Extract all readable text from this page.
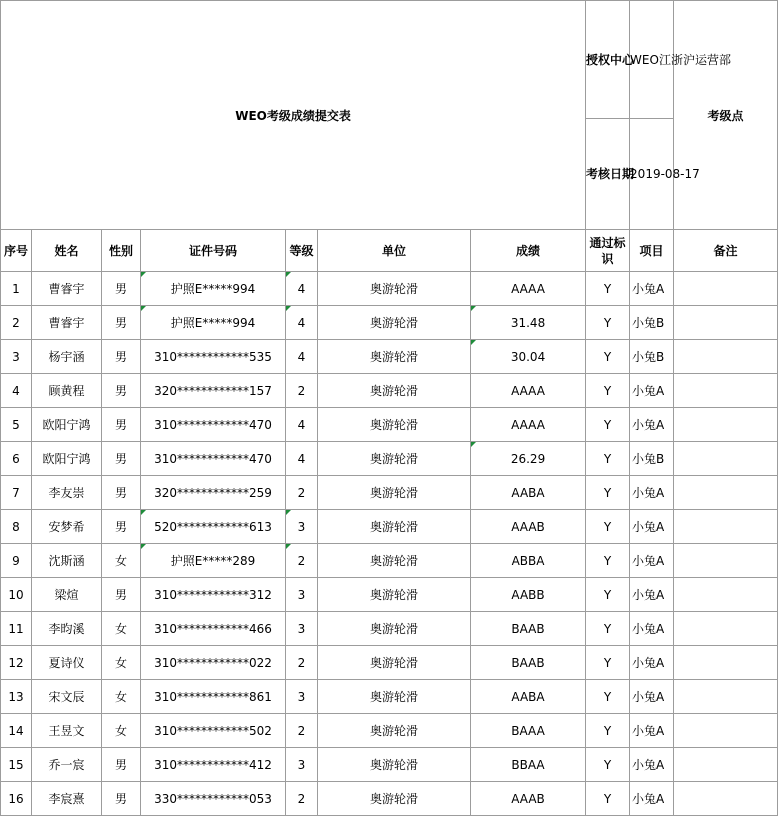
WEO考级成绩提交表							授权中心	WEO江浙沪运营部	考级点	
							考核日期	2019-08-17		
序号	姓名	性别	证件号码	等级	单位	成绩	通过标识	项目	备注	
1	曹睿宇	男	护照E*****994	4	奥游轮滑	AAAA	Y	小兔A		
2	曹睿宇	男	护照E*****994	4	奥游轮滑	31.48	Y	小兔B		
3	杨宇涵	男	310************535	4	奥游轮滑	30.04	Y	小兔B		
4	顾黄程	男	320************157	2	奥游轮滑	AAAA	Y	小兔A		
5	欧阳宁鸿	男	310************470	4	奥游轮滑	AAAA	Y	小兔A		
6	欧阳宁鸿	男	310************470	4	奥游轮滑	26.29	Y	小兔B		
7	李友崇	男	320************259	2	奥游轮滑	AABA	Y	小兔A		
8	安梦希	男	520************613	3	奥游轮滑	AAAB	Y	小兔A		
9	沈斯涵	女	护照E*****289	2	奥游轮滑	ABBA	Y	小兔A		
10	梁煊	男	310************312	3	奥游轮滑	AABB	Y	小兔A		
11	李昀溪	女	310************466	3	奥游轮滑	BAAB	Y	小兔A		
12	夏诗仪	女	310************022	2	奥游轮滑	BAAB	Y	小兔A		
13	宋文辰	女	310************861	3	奥游轮滑	AABA	Y	小兔A		
14	王昱文	女	310************502	2	奥游轮滑	BAAA	Y	小兔A		
15	乔一宸	男	310************412	3	奥游轮滑	BBAA	Y	小兔A		
16	李宸熹	男	330************053	2	奥游轮滑	AAAB	Y	小兔A		
